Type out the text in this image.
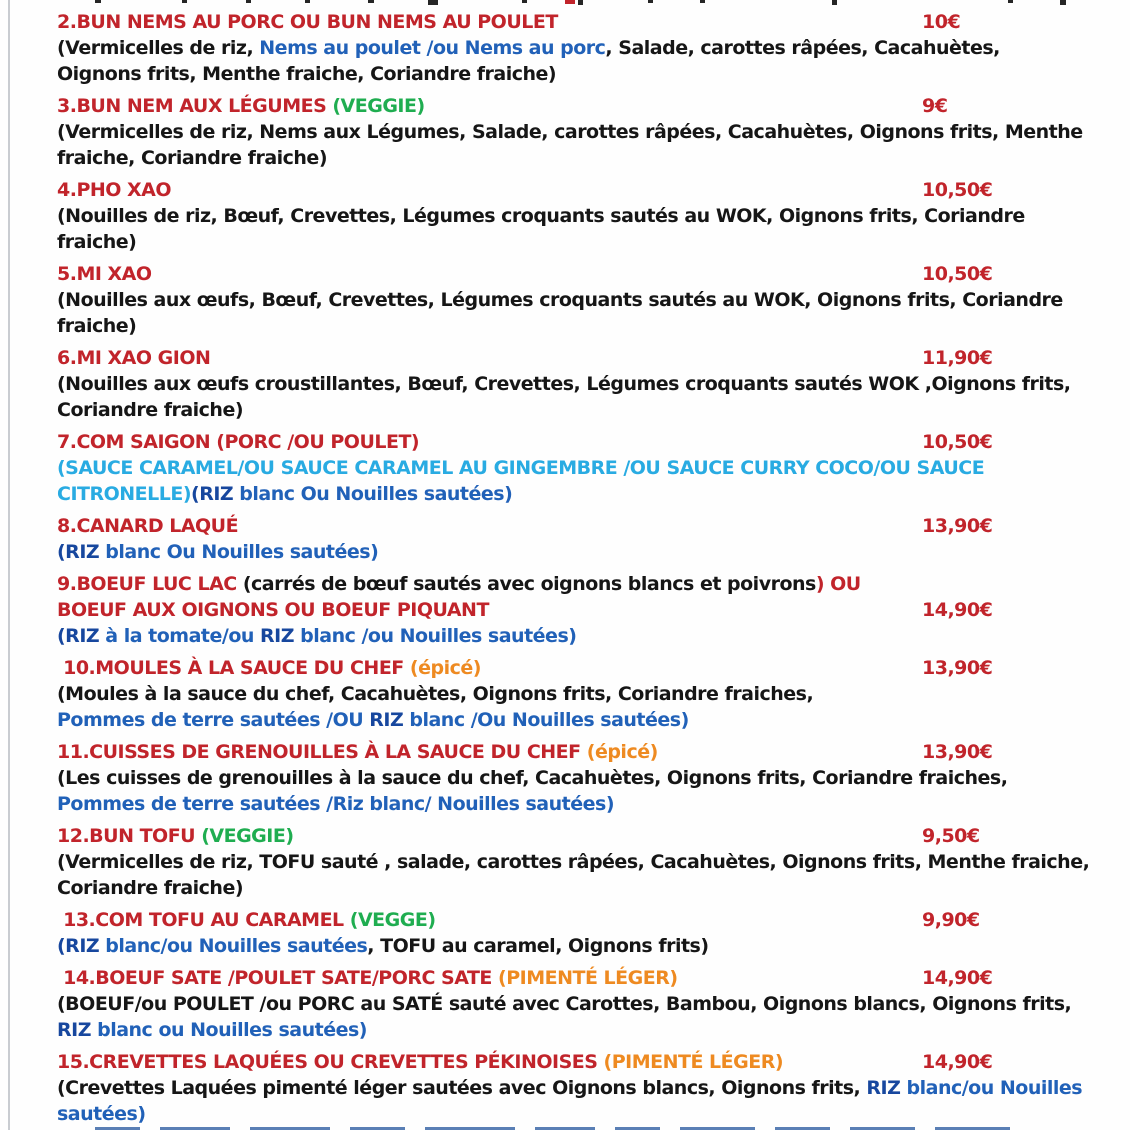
2.BUN NEMS AU PORC OU BUN NEMS AU POULET	10€
(Vermicelles de riz, Nems au poulet /ou Nems au porc, Salade, carottes râpées, Cacahuètes, Oignons frits, Menthe fraiche, Coriandre fraiche)
3.BUN NEM AUX LÉGUMES (VEGGIE)	9€
(Vermicelles de riz, Nems aux Légumes, Salade, carottes râpées, Cacahuètes, Oignons frits, Menthe fraiche, Coriandre fraiche)
4.PHO XAO	10,50€
(Nouilles de riz, Bœuf, Crevettes, Légumes croquants sautés au WOK, Oignons frits, Coriandre fraiche)
5.MI XAO	10,50€
(Nouilles aux œufs, Bœuf, Crevettes, Légumes croquants sautés au WOK, Oignons frits, Coriandre fraiche)
6.MI XAO GION	11,90€
(Nouilles aux œufs croustillantes, Bœuf, Crevettes, Légumes croquants sautés WOK ,Oignons frits, Coriandre fraiche)
7.COM SAIGON (PORC /OU POULET)	10,50€
(SAUCE CARAMEL/OU SAUCE CARAMEL AU GINGEMBRE /OU SAUCE CURRY COCO/OU SAUCE CITRONELLE)(RIZ blanc Ou Nouilles sautées)
8.CANARD LAQUÉ	13,90€
(RIZ blanc Ou Nouilles sautées)
9.BOEUF LUC LAC (carrés de bœuf sautés avec oignons blancs et poivrons) OU
BOEUF AUX OIGNONS OU BOEUF PIQUANT	14,90€
(RIZ à la tomate/ou RIZ blanc /ou Nouilles sautées)
10.MOULES À LA SAUCE DU CHEF (épicé)	13,90€
(Moules à la sauce du chef, Cacahuètes, Oignons frits, Coriandre fraiches,
Pommes de terre sautées /OU RIZ blanc /Ou Nouilles sautées)
11.CUISSES DE GRENOUILLES À LA SAUCE DU CHEF (épicé)	13,90€
(Les cuisses de grenouilles à la sauce du chef, Cacahuètes, Oignons frits, Coriandre fraiches,
Pommes de terre sautées /Riz blanc/ Nouilles sautées)
12.BUN TOFU (VEGGIE)	9,50€
(Vermicelles de riz, TOFU sauté , salade, carottes râpées, Cacahuètes, Oignons frits, Menthe fraiche, Coriandre fraiche)
13.COM TOFU AU CARAMEL (VEGGE)	9,90€
(RIZ blanc/ou Nouilles sautées, TOFU au caramel, Oignons frits)
14.BOEUF SATE /POULET SATE/PORC SATE (PIMENTÉ LÉGER)	14,90€
(BOEUF/ou POULET /ou PORC au SATÉ sauté avec Carottes, Bambou, Oignons blancs, Oignons frits, RIZ blanc ou Nouilles sautées)
15.CREVETTES LAQUÉES OU CREVETTES PÉKINOISES (PIMENTÉ LÉGER)	14,90€
(Crevettes Laquées pimenté léger sautées avec Oignons blancs, Oignons frits, RIZ blanc/ou Nouilles sautées)
